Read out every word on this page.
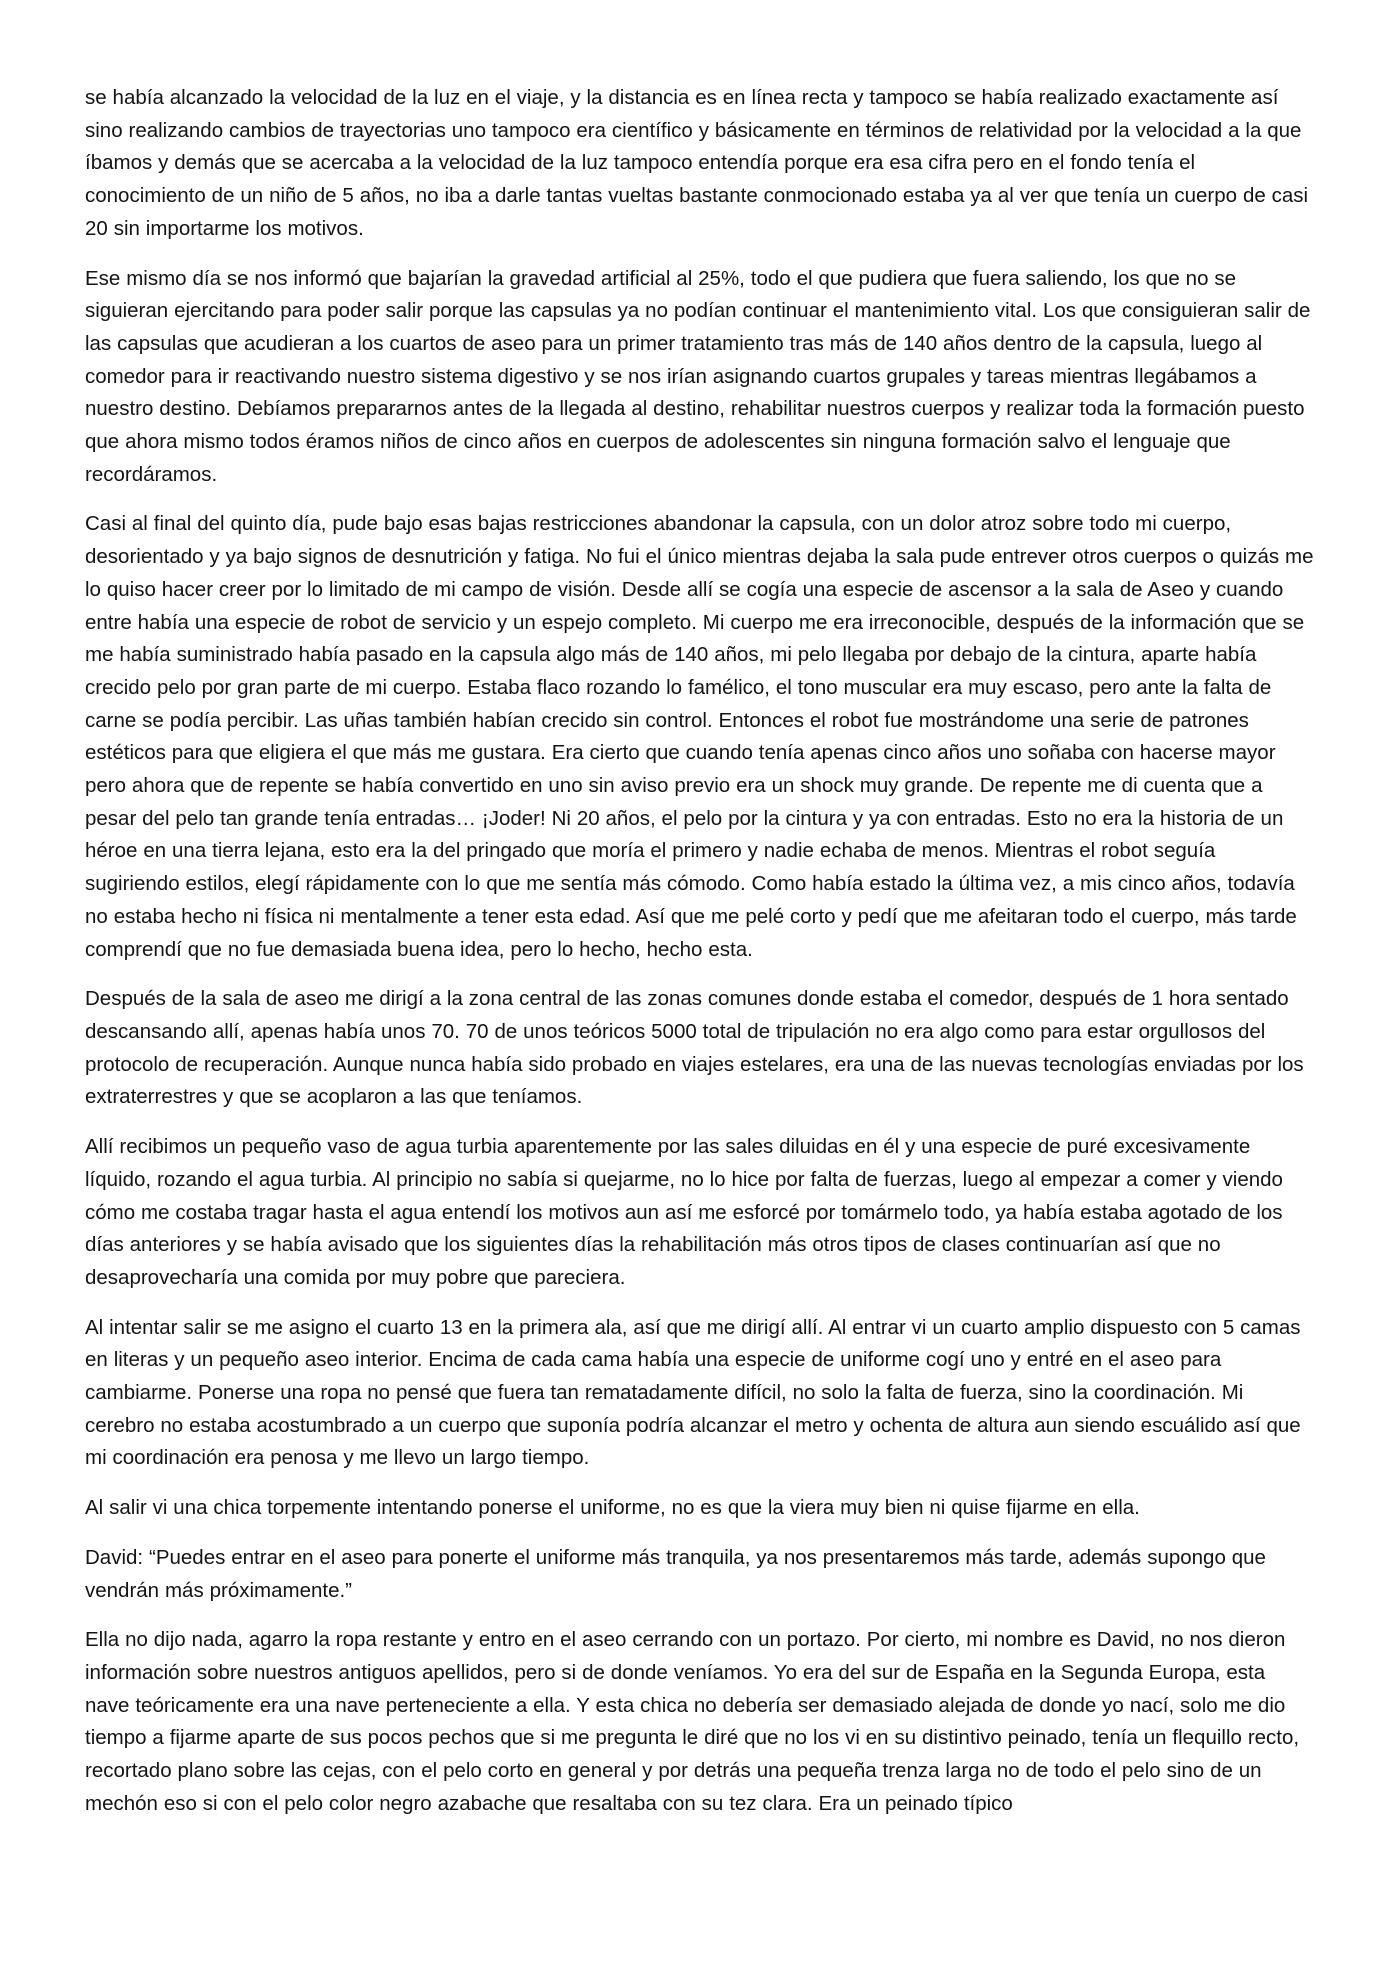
se había alcanzado la velocidad de la luz en el viaje, y la distancia es en línea recta y tampoco se había realizado exactamente así sino realizando cambios de trayectorias uno tampoco era científico y básicamente en términos de relatividad por la velocidad a la que íbamos y demás que se acercaba a la velocidad de la luz tampoco entendía porque era esa cifra pero en el fondo tenía el conocimiento de un niño de 5 años, no iba a darle tantas vueltas bastante conmocionado estaba ya al ver que tenía un cuerpo de casi 20 sin importarme los motivos.

Ese mismo día se nos informó que bajarían la gravedad artificial al 25%, todo el que pudiera que fuera saliendo, los que no se siguieran ejercitando para poder salir porque las capsulas ya no podían continuar el mantenimiento vital. Los que consiguieran salir de las capsulas que acudieran a los cuartos de aseo para un primer tratamiento tras más de 140 años dentro de la capsula, luego al comedor para ir reactivando nuestro sistema digestivo y se nos irían asignando cuartos grupales y tareas mientras llegábamos a nuestro destino. Debíamos prepararnos antes de la llegada al destino, rehabilitar nuestros cuerpos y realizar toda la formación puesto que ahora mismo todos éramos niños de cinco años en cuerpos de adolescentes sin ninguna formación salvo el lenguaje que recordáramos.

Casi al final del quinto día, pude bajo esas bajas restricciones abandonar la capsula, con un dolor atroz sobre todo mi cuerpo, desorientado y ya bajo signos de desnutrición y fatiga. No fui el único mientras dejaba la sala pude entrever otros cuerpos o quizás me lo quiso hacer creer por lo limitado de mi campo de visión. Desde allí se cogía una especie de ascensor a la sala de Aseo y cuando entre había una especie de robot de servicio y un espejo completo. Mi cuerpo me era irreconocible, después de la información que se me había suministrado había pasado en la capsula algo más de 140 años, mi pelo llegaba por debajo de la cintura, aparte había crecido pelo por gran parte de mi cuerpo. Estaba flaco rozando lo famélico, el tono muscular era muy escaso, pero ante la falta de carne se podía percibir. Las uñas también habían crecido sin control. Entonces el robot fue mostrándome una serie de patrones estéticos para que eligiera el que más me gustara. Era cierto que cuando tenía apenas cinco años uno soñaba con hacerse mayor pero ahora que de repente se había convertido en uno sin aviso previo era un shock muy grande. De repente me di cuenta que a pesar del pelo tan grande tenía entradas… ¡Joder! Ni 20 años, el pelo por la cintura y ya con entradas. Esto no era la historia de un héroe en una tierra lejana, esto era la del pringado que moría el primero y nadie echaba de menos. Mientras el robot seguía sugiriendo estilos, elegí rápidamente con lo que me sentía más cómodo. Como había estado la última vez, a mis cinco años, todavía no estaba hecho ni física ni mentalmente a tener esta edad. Así que me pelé corto y pedí que me afeitaran todo el cuerpo, más tarde comprendí que no fue demasiada buena idea, pero lo hecho, hecho esta.

Después de la sala de aseo me dirigí a la zona central de las zonas comunes donde estaba el comedor, después de 1 hora sentado descansando allí, apenas había unos 70. 70 de unos teóricos 5000 total de tripulación no era algo como para estar orgullosos del protocolo de recuperación. Aunque nunca había sido probado en viajes estelares, era una de las nuevas tecnologías enviadas por los extraterrestres y que se acoplaron a las que teníamos.

Allí recibimos un pequeño vaso de agua turbia aparentemente por las sales diluidas en él y una especie de puré excesivamente líquido, rozando el agua turbia. Al principio no sabía si quejarme, no lo hice por falta de fuerzas, luego al empezar a comer y viendo cómo me costaba tragar hasta el agua entendí los motivos aun así me esforcé por tomármelo todo, ya había estaba agotado de los días anteriores y se había avisado que los siguientes días la rehabilitación más otros tipos de clases continuarían así que no desaprovecharía una comida por muy pobre que pareciera.

Al intentar salir se me asigno el cuarto 13 en la primera ala, así que me dirigí allí. Al entrar vi un cuarto amplio dispuesto con 5 camas en literas y un pequeño aseo interior. Encima de cada cama había una especie de uniforme cogí uno y entré en el aseo para cambiarme. Ponerse una ropa no pensé que fuera tan rematadamente difícil, no solo la falta de fuerza, sino la coordinación. Mi cerebro no estaba acostumbrado a un cuerpo que suponía podría alcanzar el metro y ochenta de altura aun siendo escuálido así que mi coordinación era penosa y me llevo un largo tiempo.

Al salir vi una chica torpemente intentando ponerse el uniforme, no es que la viera muy bien ni quise fijarme en ella.

David: “Puedes entrar en el aseo para ponerte el uniforme más tranquila, ya nos presentaremos más tarde, además supongo que vendrán más próximamente.”

Ella no dijo nada, agarro la ropa restante y entro en el aseo cerrando con un portazo. Por cierto, mi nombre es David, no nos dieron información sobre nuestros antiguos apellidos, pero si de donde veníamos. Yo era del sur de España en la Segunda Europa, esta nave teóricamente era una nave perteneciente a ella. Y esta chica no debería ser demasiado alejada de donde yo nací, solo me dio tiempo a fijarme aparte de sus pocos pechos que si me pregunta le diré que no los vi en su distintivo peinado, tenía un flequillo recto, recortado plano sobre las cejas, con el pelo corto en general y por detrás una pequeña trenza larga no de todo el pelo sino de un mechón eso si con el pelo color negro azabache que resaltaba con su tez clara. Era un peinado típico
